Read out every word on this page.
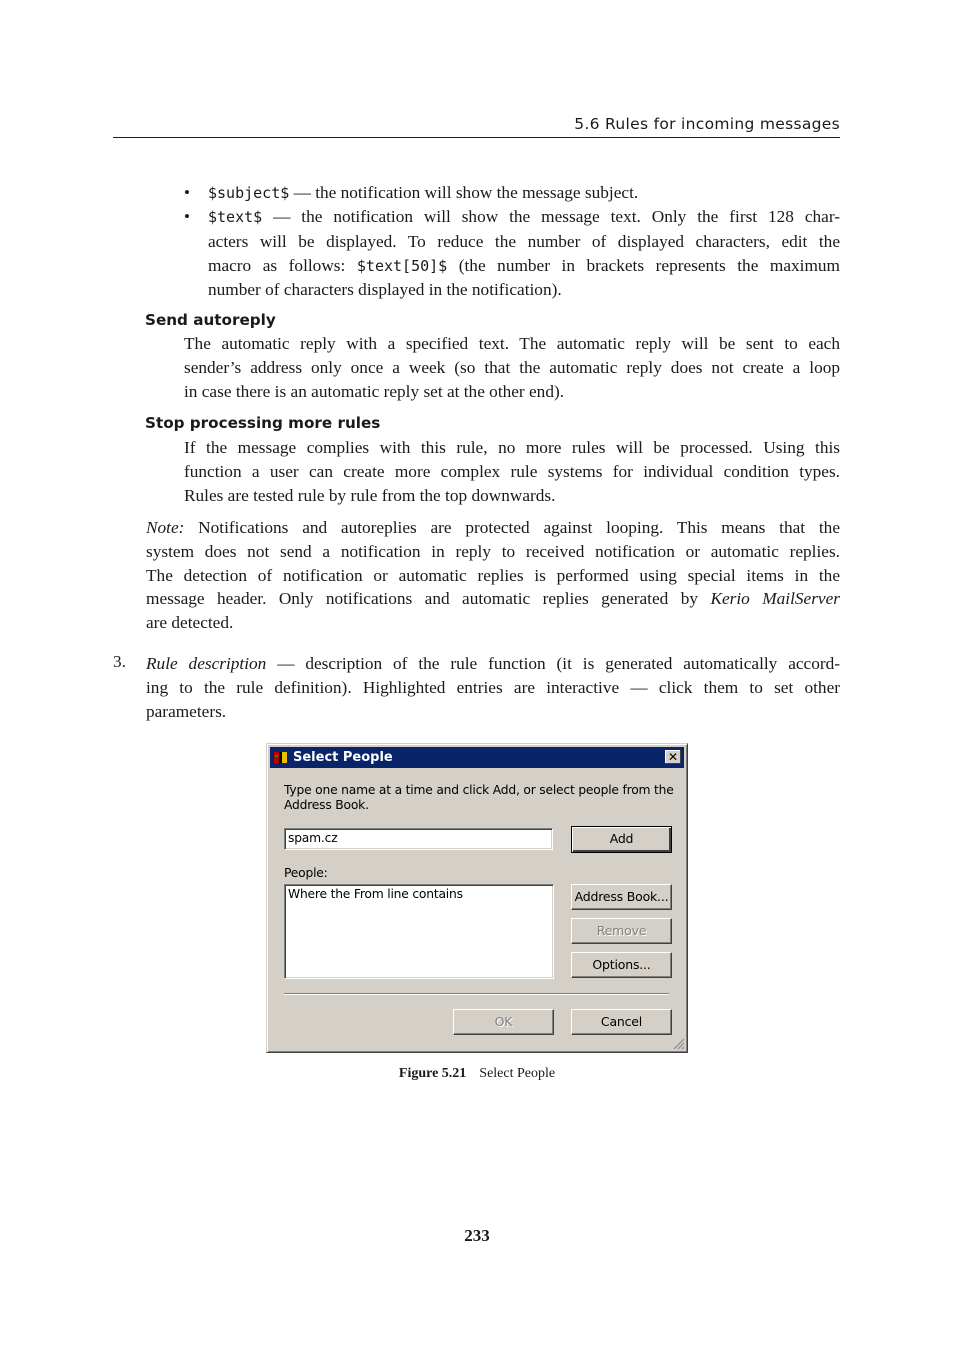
5.6 Rules for incoming messages
• $subject$ — the notification will show the message subject.
• $text$ — the notification will show the message text. Only the first 128 char-
acters will be displayed. To reduce the number of displayed characters, edit the
macro as follows: $text[50]$ (the number in brackets represents the maximum
number of characters displayed in the notification).
Send autoreply
The automatic reply with a specified text. The automatic reply will be sent to each
sender’s address only once a week (so that the automatic reply does not create a loop
in case there is an automatic reply set at the other end).
Stop processing more rules
If the message complies with this rule, no more rules will be processed. Using this
function a user can create more complex rule systems for individual condition types.
Rules are tested rule by rule from the top downwards.
Note: Notifications and autoreplies are protected against looping. This means that the
system does not send a notification in reply to received notification or automatic replies.
The detection of notification or automatic replies is performed using special items in the
message header. Only notifications and automatic replies generated by Kerio MailServer
are detected.
3. Rule description — description of the rule function (it is generated automatically accord-
ing to the rule definition). Highlighted entries are interactive — click them to set other
parameters.
Select People	✕
Type one name at a time and click Add, or select people from the
Address Book.
spam.cz	Add
People:
Where the From line contains	Address Book...
Remove
Options...
OK	Cancel
Figure 5.21 Select People
233
